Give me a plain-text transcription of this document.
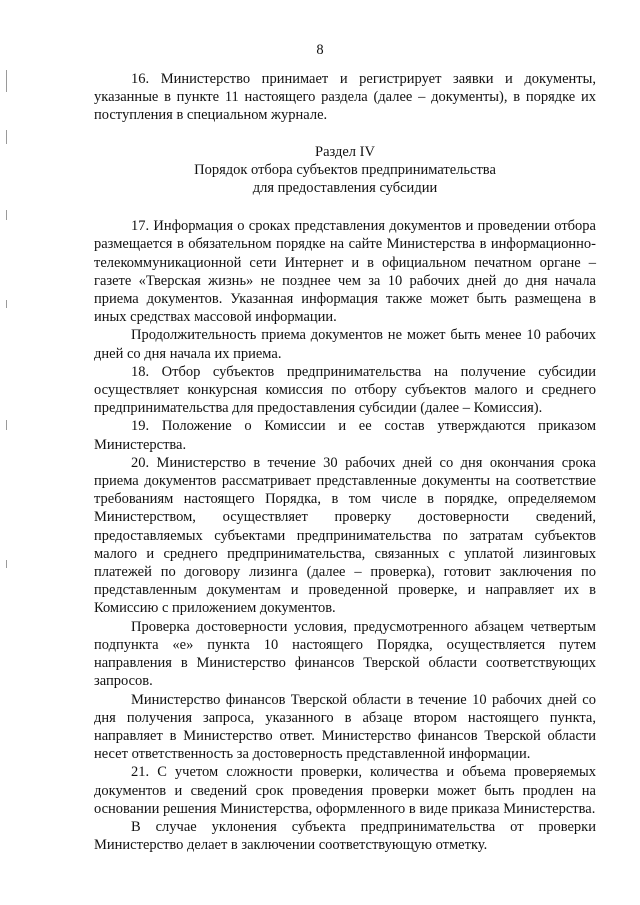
8

16. Министерство принимает и регистрирует заявки и документы, указанные в пункте 11 настоящего раздела (далее – документы), в порядке их поступления в специальном журнале.

Раздел IV
Порядок отбора субъектов предпринимательства
для предоставления субсидии

17. Информация о сроках представления документов и проведении отбора размещается в обязательном порядке на сайте Министерства в информационно-телекоммуникационной сети Интернет и в официальном печатном органе – газете «Тверская жизнь» не позднее чем за 10 рабочих дней до дня начала приема документов. Указанная информация также может быть размещена в иных средствах массовой информации.

Продолжительность приема документов не может быть менее 10 рабочих дней со дня начала их приема.

18. Отбор субъектов предпринимательства на получение субсидии осуществляет конкурсная комиссия по отбору субъектов малого и среднего предпринимательства для предоставления субсидии (далее – Комиссия).

19. Положение о Комиссии и ее состав утверждаются приказом Министерства.

20. Министерство в течение 30 рабочих дней со дня окончания срока приема документов рассматривает представленные документы на соответствие требованиям настоящего Порядка, в том числе в порядке, определяемом Министерством, осуществляет проверку достоверности сведений, предоставляемых субъектами предпринимательства по затратам субъектов малого и среднего предпринимательства, связанных с уплатой лизинговых платежей по договору лизинга (далее – проверка), готовит заключения по представленным документам и проведенной проверке, и направляет их в Комиссию с приложением документов.

Проверка достоверности условия, предусмотренного абзацем четвертым подпункта «е» пункта 10 настоящего Порядка, осуществляется путем направления в Министерство финансов Тверской области соответствующих запросов.

Министерство финансов Тверской области в течение 10 рабочих дней со дня получения запроса, указанного в абзаце втором настоящего пункта, направляет в Министерство ответ. Министерство финансов Тверской области несет ответственность за достоверность представленной информации.

21. С учетом сложности проверки, количества и объема проверяемых документов и сведений срок проведения проверки может быть продлен на основании решения Министерства, оформленного в виде приказа Министерства.

В случае уклонения субъекта предпринимательства от проверки Министерство делает в заключении соответствующую отметку.
